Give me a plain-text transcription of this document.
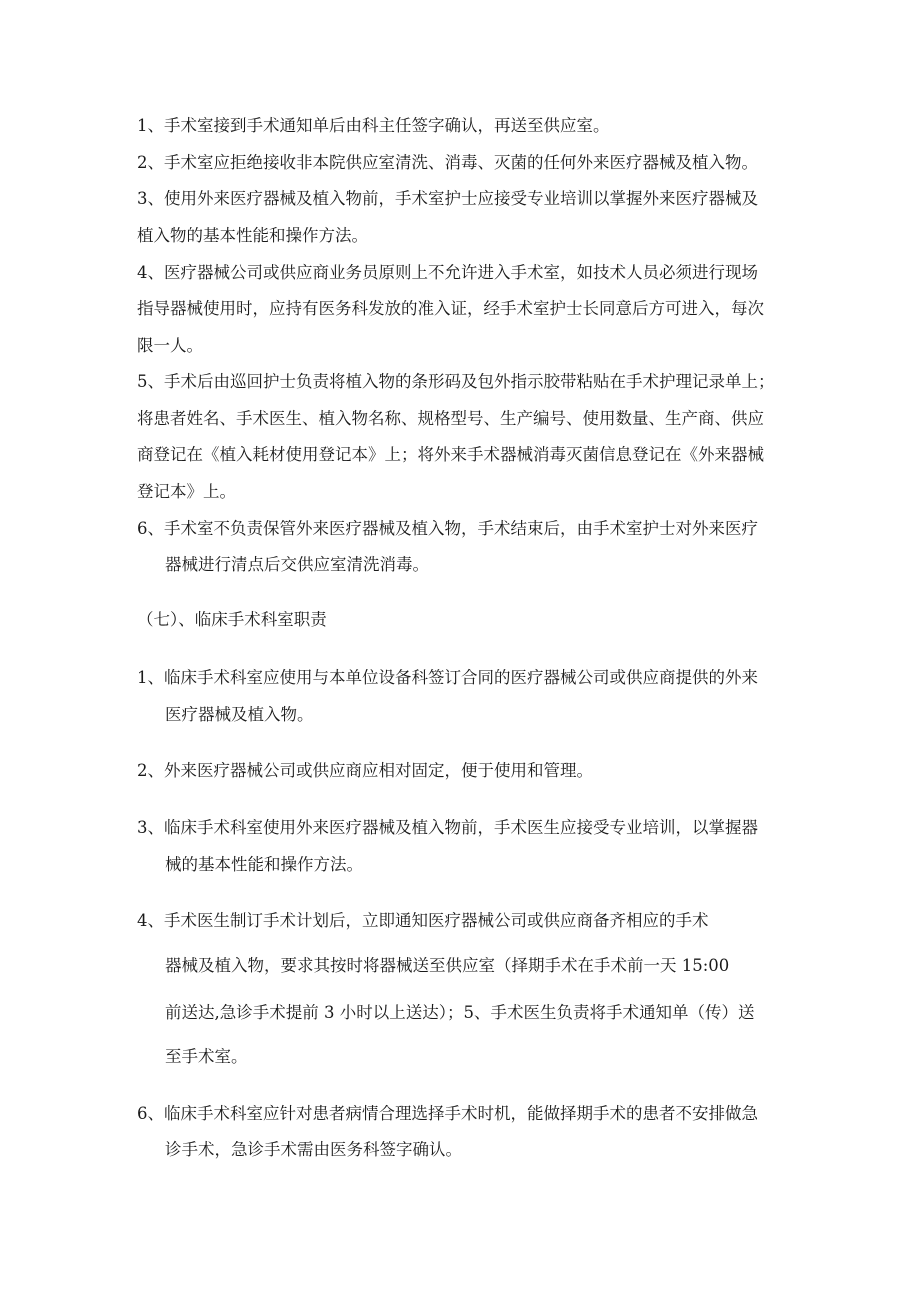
1、手术室接到手术通知单后由科主任签字确认，再送至供应室。
2、手术室应拒绝接收非本院供应室清洗、消毒、灭菌的任何外来医疗器械及植入物。
3、使用外来医疗器械及植入物前，手术室护士应接受专业培训以掌握外来医疗器械及
植入物的基本性能和操作方法。
4、医疗器械公司或供应商业务员原则上不允许进入手术室，如技术人员必须进行现场
指导器械使用时，应持有医务科发放的准入证，经手术室护士长同意后方可进入，每次
限一人。
5、手术后由巡回护士负责将植入物的条形码及包外指示胶带粘贴在手术护理记录单上；
将患者姓名、手术医生、植入物名称、规格型号、生产编号、使用数量、生产商、供应
商登记在《植入耗材使用登记本》上；将外来手术器械消毒灭菌信息登记在《外来器械
登记本》上。
6、手术室不负责保管外来医疗器械及植入物，手术结束后，由手术室护士对外来医疗
器械进行清点后交供应室清洗消毒。
（七）、临床手术科室职责
1、临床手术科室应使用与本单位设备科签订合同的医疗器械公司或供应商提供的外来
医疗器械及植入物。
2、外来医疗器械公司或供应商应相对固定，便于使用和管理。
3、临床手术科室使用外来医疗器械及植入物前，手术医生应接受专业培训，以掌握器
械的基本性能和操作方法。
4、手术医生制订手术计划后，立即通知医疗器械公司或供应商备齐相应的手术
器械及植入物，要求其按时将器械送至供应室（择期手术在手术前一天 15:00
前送达,急诊手术提前 3 小时以上送达）；5、手术医生负责将手术通知单（传）送
至手术室。
6、临床手术科室应针对患者病情合理选择手术时机，能做择期手术的患者不安排做急
诊手术，急诊手术需由医务科签字确认。
